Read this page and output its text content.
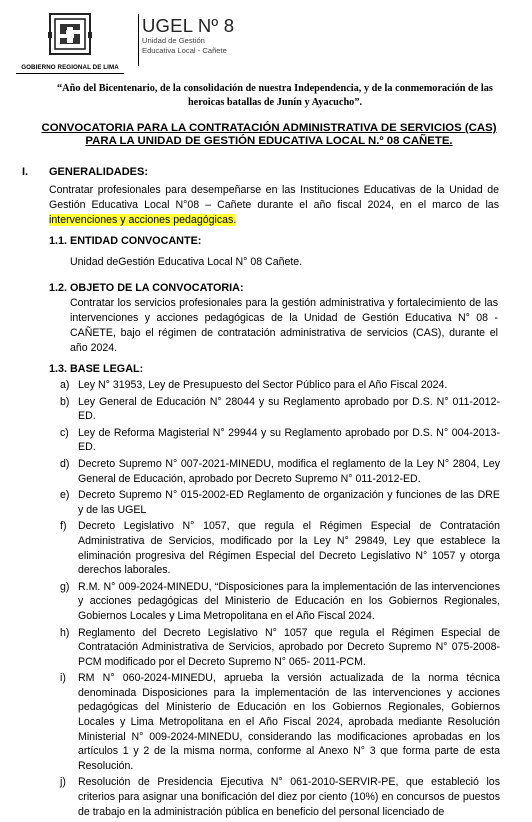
GOBIERNO REGIONAL DE LIMA
UGEL Nº 8
Unidad de Gestión
Educativa Local - Cañete
“Año del Bicentenario, de la consolidación de nuestra Independencia, y de la conmemoración de las heroicas batallas de Junín y Ayacucho”.
CONVOCATORIA PARA LA CONTRATACIÓN ADMINISTRATIVA DE SERVICIOS (CAS) PARA LA UNIDAD DE GESTIÓN EDUCATIVA LOCAL N.º 08 CAÑETE.
I. GENERALIDADES:
Contratar profesionales para desempeñarse en las Instituciones Educativas de la Unidad de Gestión Educativa Local N°08 – Cañete durante el año fiscal 2024, en el marco de las intervenciones y acciones pedagógicas.
1.1. ENTIDAD CONVOCANTE:
Unidad deGestión Educativa Local N° 08 Cañete.
1.2. OBJETO DE LA CONVOCATORIA:
Contratar los servicios profesionales para la gestión administrativa y fortalecimiento de las intervenciones y acciones pedagógicas de la Unidad de Gestión Educativa N° 08 - CAÑETE, bajo el régimen de contratación administrativa de servicios (CAS), durante el año 2024.
1.3. BASE LEGAL:
a) Ley N° 31953, Ley de Presupuesto del Sector Público para el Año Fiscal 2024.
b) Ley General de Educación N° 28044 y su Reglamento aprobado por D.S. N° 011-2012-ED.
c) Ley de Reforma Magisterial N° 29944 y su Reglamento aprobado por D.S. N° 004-2013-ED.
d) Decreto Supremo N° 007-2021-MINEDU, modifica el reglamento de la Ley N° 2804, Ley General de Educación, aprobado por Decreto Supremo N° 011-2012-ED.
e) Decreto Supremo N° 015-2002-ED Reglamento de organización y funciones de las DRE y de las UGEL
f) Decreto Legislativo N° 1057, que regula el Régimen Especial de Contratación Administrativa de Servicios, modificado por la Ley N° 29849, Ley que establece la eliminación progresiva del Régimen Especial del Decreto Legislativo N° 1057 y otorga derechos laborales.
g) R.M. N° 009-2024-MINEDU, “Disposiciones para la implementación de las intervenciones y acciones pedagógicas del Ministerio de Educación en los Gobiernos Regionales, Gobiernos Locales y Lima Metropolitana en el Año Fiscal 2024.
h) Reglamento del Decreto Legislativo N° 1057 que regula el Régimen Especial de Contratación Administrativa de Servicios, aprobado por Decreto Supremo N° 075-2008-PCM modificado por el Decreto Supremo N° 065- 2011-PCM.
i) RM N° 060-2024-MINEDU, apruebа la versión actualizada de la norma técnica denominada Disposiciones para la implementación de las intervenciones y acciones pedagógicas del Ministerio de Educación en los Gobiernos Regionales, Gobiernos Locales y Lima Metropolitana en el Año Fiscal 2024, aprobada mediante Resolución Ministerial N° 009-2024-MINEDU, considerando las modificaciones aprobadas en los artículos 1 y 2 de la misma norma, conforme al Anexo N° 3 que forma parte de esta Resolución.
j) Resolución de Presidencia Ejecutiva N° 061-2010-SERVIR-PE, que estableció los criterios para asignar una bonificación del diez por ciento (10%) en concursos de puestos de trabajo en la administración pública en beneficio del personal licenciado de
